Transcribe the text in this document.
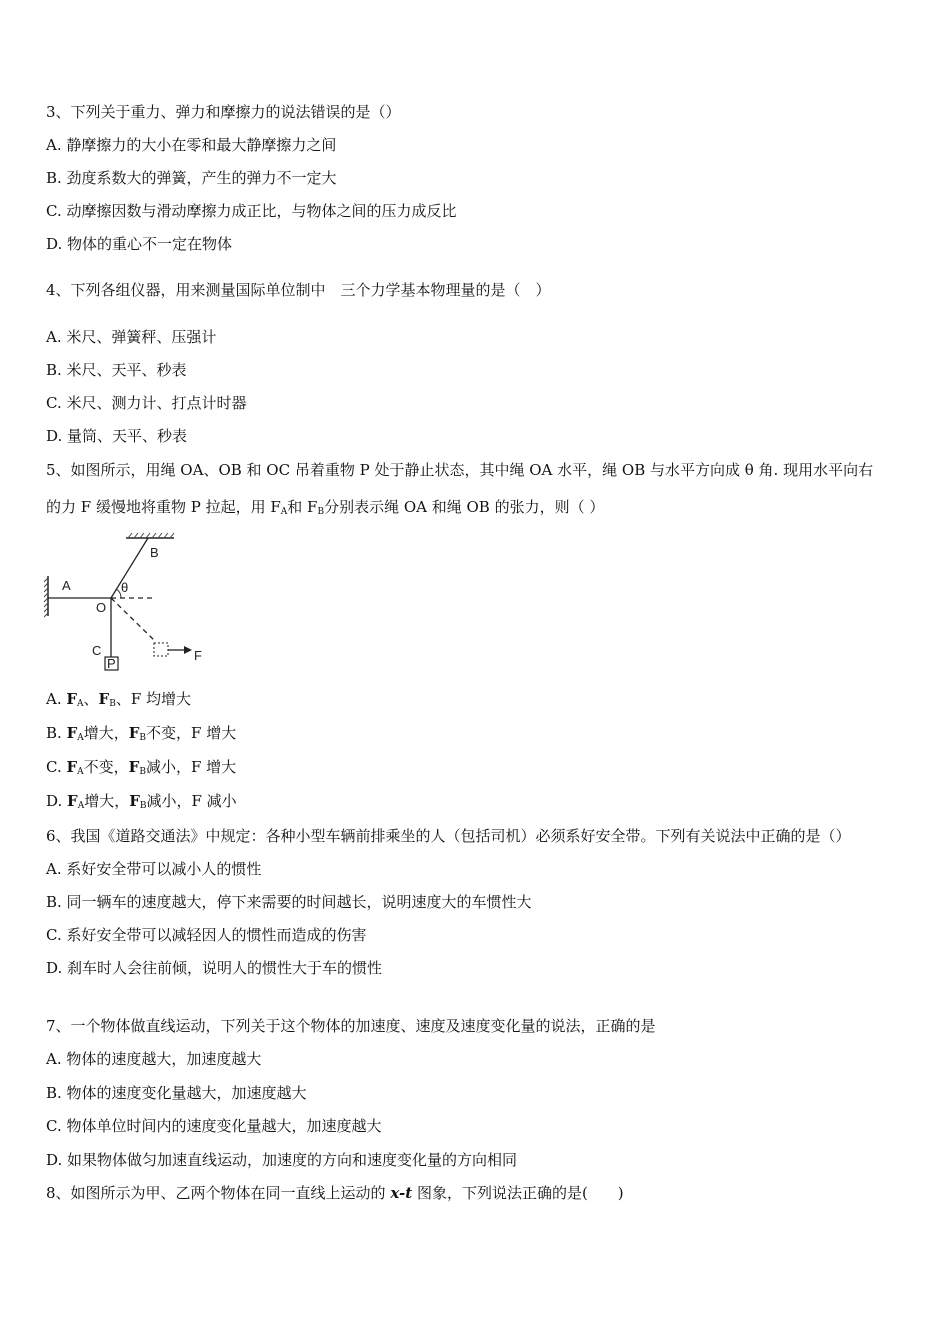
3、下列关于重力、弹力和摩擦力的说法错误的是（）
A. 静摩擦力的大小在零和最大静摩擦力之间
B. 劲度系数大的弹簧，产生的弹力不一定大
C. 动摩擦因数与滑动摩擦力成正比，与物体之间的压力成反比
D. 物体的重心不一定在物体
4、下列各组仪器，用来测量国际单位制中　三个力学基本物理量的是（　）
A. 米尺、弹簧秤、压强计
B. 米尺、天平、秒表
C. 米尺、测力计、打点计时器
D. 量筒、天平、秒表
5、如图所示，用绳 OA、OB 和 OC 吊着重物 P 处于静止状态，其中绳 OA 水平，绳 OB 与水平方向成 θ 角. 现用水平向右
的力 F 缓慢地将重物 P 拉起，用 $F_A$和 $F_B$分别表示绳 OA 和绳 OB 的张力，则（ ）
P
A
B
O
C
θ
F
A. $F_A$、$F_B$、F 均增大
B. $F_A$增大，$F_B$不变，F 增大
C. $F_A$不变，$F_B$减小，F 增大
D. $F_A$增大，$F_B$减小，F 减小
6、我国《道路交通法》中规定：各种小型车辆前排乘坐的人（包括司机）必须系好安全带。下列有关说法中正确的是（）
A. 系好安全带可以减小人的惯性
B. 同一辆车的速度越大，停下来需要的时间越长，说明速度大的车惯性大
C. 系好安全带可以减轻因人的惯性而造成的伤害
D. 刹车时人会往前倾，说明人的惯性大于车的惯性
7、一个物体做直线运动，下列关于这个物体的加速度、速度及速度变化量的说法，正确的是
A. 物体的速度越大，加速度越大
B. 物体的速度变化量越大，加速度越大
C. 物体单位时间内的速度变化量越大，加速度越大
D. 如果物体做匀加速直线运动，加速度的方向和速度变化量的方向相同
8、如图所示为甲、乙两个物体在同一直线上运动的 x-t 图象，下列说法正确的是(　　)
